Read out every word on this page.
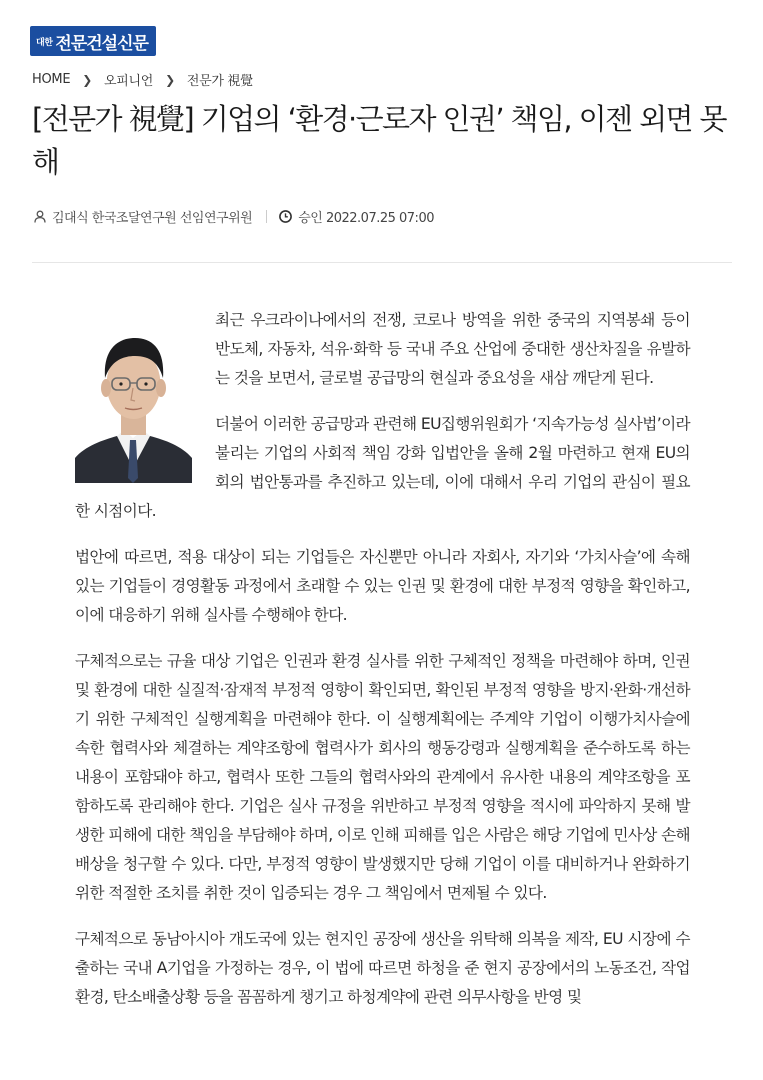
대한 전문건설신문
HOME ❯ 오피니언 ❯ 전문가 視覺
[전문가 視覺] 기업의 ‘환경·근로자 인권’ 책임, 이젠 외면 못해
김대식 한국조달연구원 선임연구위원	승인 2022.07.25 07:00

최근 우크라이나에서의 전쟁, 코로나 방역을 위한 중국의 지역봉쇄 등이 반도체, 자동차, 석유·화학 등 국내 주요 산업에 중대한 생산차질을 유발하는 것을 보면서, 글로벌 공급망의 현실과 중요성을 새삼 깨닫게 된다.

더불어 이러한 공급망과 관련해 EU집행위원회가 ‘지속가능성 실사법’이라 불리는 기업의 사회적 책임 강화 입법안을 올해 2월 마련하고 현재 EU의회의 법안통과를 추진하고 있는데, 이에 대해서 우리 기업의 관심이 필요한 시점이다.

법안에 따르면, 적용 대상이 되는 기업들은 자신뿐만 아니라 자회사, 자기와 ‘가치사슬’에 속해 있는 기업들이 경영활동 과정에서 초래할 수 있는 인권 및 환경에 대한 부정적 영향을 확인하고, 이에 대응하기 위해 실사를 수행해야 한다.

구체적으로는 규율 대상 기업은 인권과 환경 실사를 위한 구체적인 정책을 마련해야 하며, 인권 및 환경에 대한 실질적·잠재적 부정적 영향이 확인되면, 확인된 부정적 영향을 방지·완화·개선하기 위한 구체적인 실행계획을 마련해야 한다. 이 실행계획에는 주계약 기업이 이행가치사슬에 속한 협력사와 체결하는 계약조항에 협력사가 회사의 행동강령과 실행계획을 준수하도록 하는 내용이 포함돼야 하고, 협력사 또한 그들의 협력사와의 관계에서 유사한 내용의 계약조항을 포함하도록 관리해야 한다. 기업은 실사 규정을 위반하고 부정적 영향을 적시에 파악하지 못해 발생한 피해에 대한 책임을 부담해야 하며, 이로 인해 피해를 입은 사람은 해당 기업에 민사상 손해배상을 청구할 수 있다. 다만, 부정적 영향이 발생했지만 당해 기업이 이를 대비하거나 완화하기 위한 적절한 조치를 취한 것이 입증되는 경우 그 책임에서 면제될 수 있다.

구체적으로 동남아시아 개도국에 있는 현지인 공장에 생산을 위탁해 의복을 제작, EU 시장에 수출하는 국내 A기업을 가정하는 경우, 이 법에 따르면 하청을 준 현지 공장에서의 노동조건, 작업환경, 탄소배출상황 등을 꼼꼼하게 챙기고 하청계약에 관련 의무사항을 반영 및
